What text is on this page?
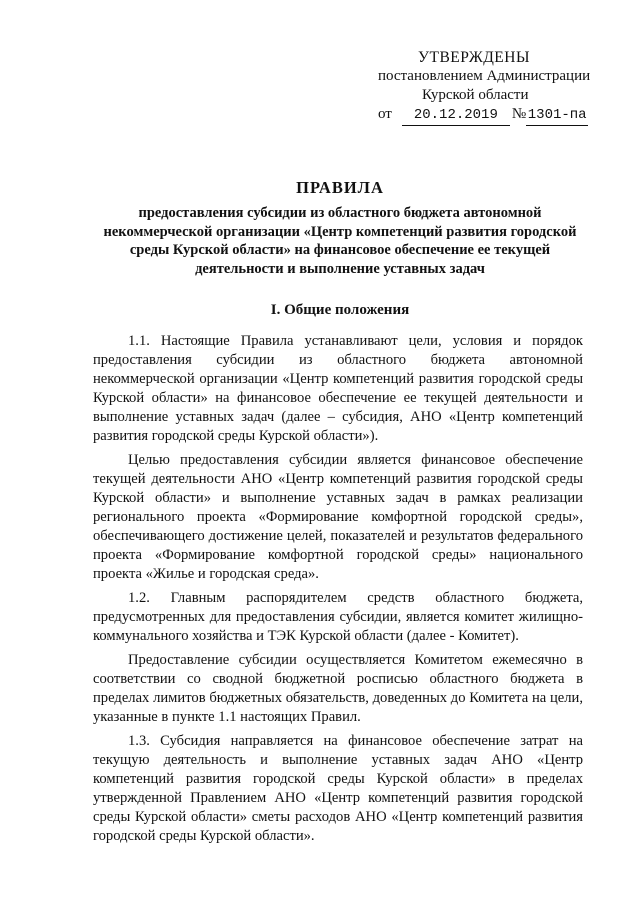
УТВЕРЖДЕНЫ
постановлением Администрации
Курской области
от	20.12.2019 № 1301-па
ПРАВИЛА
предоставления субсидии из областного бюджета автономной некоммерческой организации «Центр компетенций развития городской среды Курской области» на финансовое обеспечение ее текущей деятельности и выполнение уставных задач
I. Общие положения

1.1. Настоящие Правила устанавливают цели, условия и порядок предоставления субсидии из областного бюджета автономной некоммерческой организации «Центр компетенций развития городской среды Курской области» на финансовое обеспечение ее текущей деятельности и выполнение уставных задач (далее – субсидия, АНО «Центр компетенций развития городской среды Курской области»).

Целью предоставления субсидии является финансовое обеспечение текущей деятельности АНО «Центр компетенций развития городской среды Курской области» и выполнение уставных задач в рамках реализации регионального проекта «Формирование комфортной городской среды», обеспечивающего достижение целей, показателей и результатов федерального проекта «Формирование комфортной городской среды» национального проекта «Жилье и городская среда».

1.2. Главным распорядителем средств областного бюджета, предусмотренных для предоставления субсидии, является комитет жилищно-коммунального хозяйства и ТЭК Курской области (далее - Комитет).

Предоставление субсидии осуществляется Комитетом ежемесячно в соответствии со сводной бюджетной росписью областного бюджета в пределах лимитов бюджетных обязательств, доведенных до Комитета на цели, указанные в пункте 1.1 настоящих Правил.

1.3. Субсидия направляется на финансовое обеспечение затрат на текущую деятельность и выполнение уставных задач АНО «Центр компетенций развития городской среды Курской области» в пределах утвержденной Правлением АНО «Центр компетенций развития городской среды Курской области» сметы расходов АНО «Центр компетенций развития городской среды Курской области».
